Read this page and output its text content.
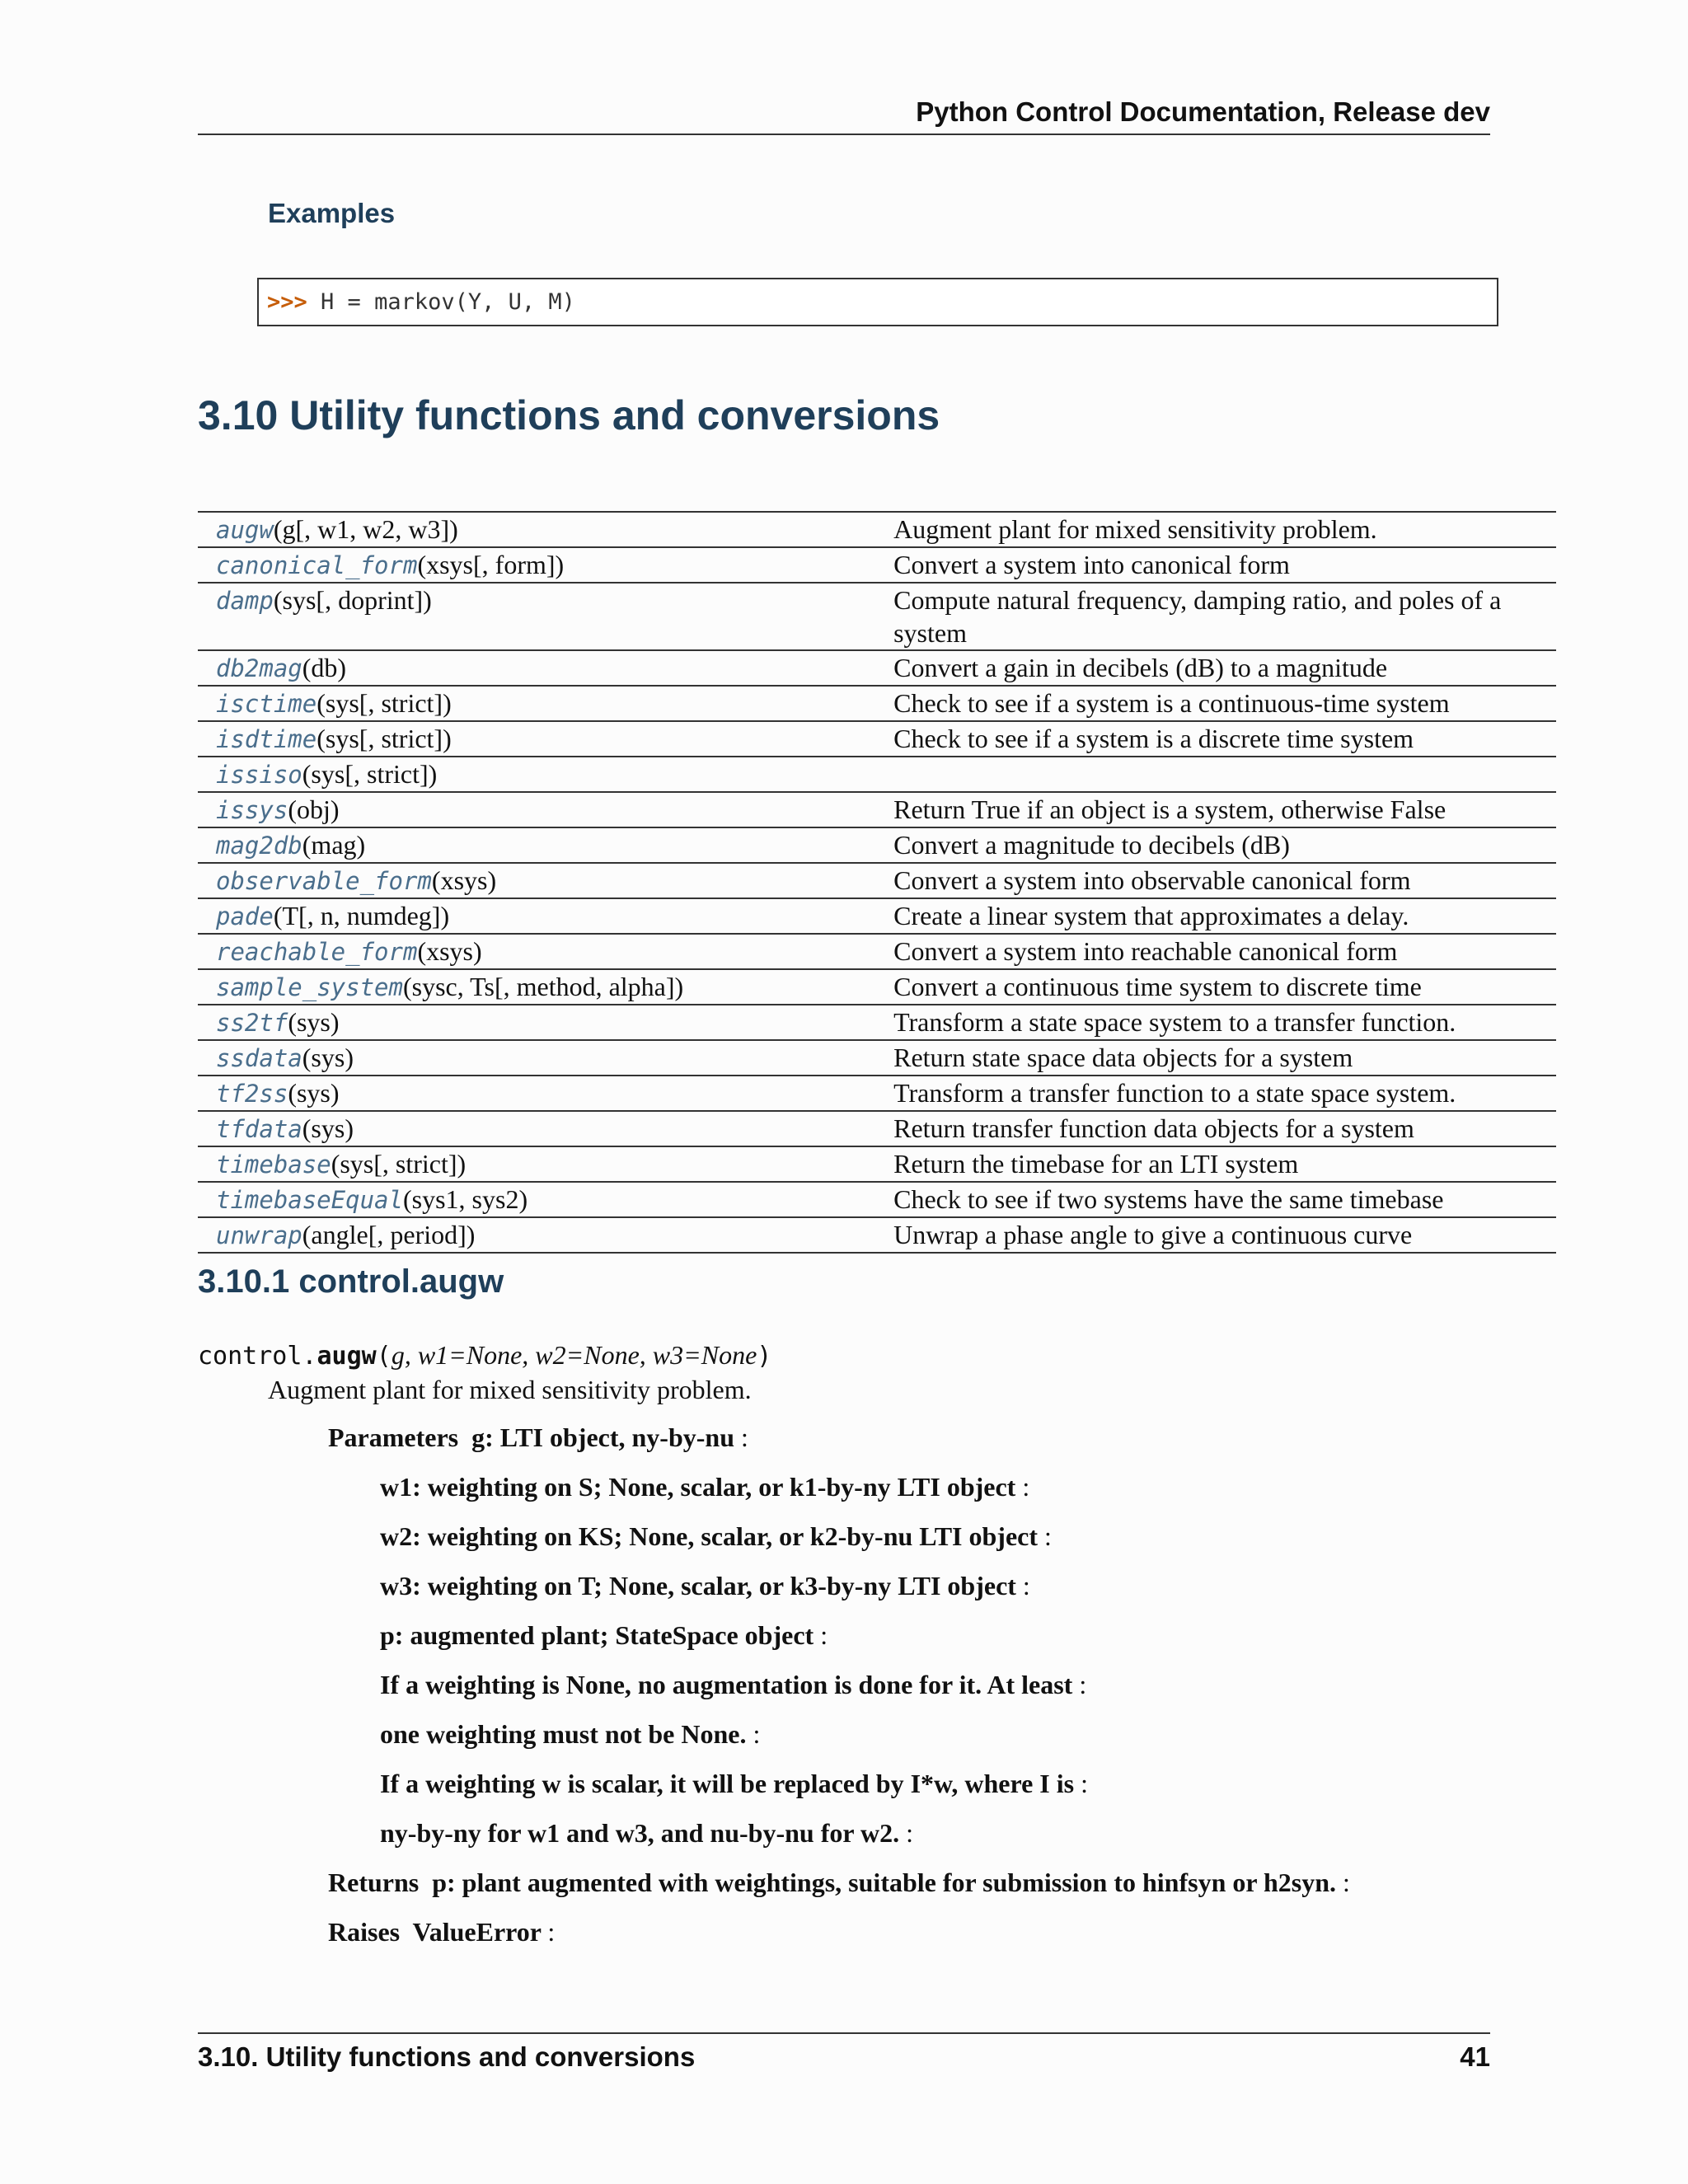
Python Control Documentation, Release dev
Examples
>>> H = markov(Y, U, M)
3.10 Utility functions and conversions
augw(g[, w1, w2, w3])	Augment plant for mixed sensitivity problem.
canonical_form(xsys[, form])	Convert a system into canonical form
damp(sys[, doprint])	Compute natural frequency, damping ratio, and poles of a system
db2mag(db)	Convert a gain in decibels (dB) to a magnitude
isctime(sys[, strict])	Check to see if a system is a continuous-time system
isdtime(sys[, strict])	Check to see if a system is a discrete time system
issiso(sys[, strict])	
issys(obj)	Return True if an object is a system, otherwise False
mag2db(mag)	Convert a magnitude to decibels (dB)
observable_form(xsys)	Convert a system into observable canonical form
pade(T[, n, numdeg])	Create a linear system that approximates a delay.
reachable_form(xsys)	Convert a system into reachable canonical form
sample_system(sysc, Ts[, method, alpha])	Convert a continuous time system to discrete time
ss2tf(sys)	Transform a state space system to a transfer function.
ssdata(sys)	Return state space data objects for a system
tf2ss(sys)	Transform a transfer function to a state space system.
tfdata(sys)	Return transfer function data objects for a system
timebase(sys[, strict])	Return the timebase for an LTI system
timebaseEqual(sys1, sys2)	Check to see if two systems have the same timebase
unwrap(angle[, period])	Unwrap a phase angle to give a continuous curve
3.10.1 control.augw
control.augw(g, w1=None, w2=None, w3=None)
Augment plant for mixed sensitivity problem.
Parameters g: LTI object, ny-by-nu :
w1: weighting on S; None, scalar, or k1-by-ny LTI object :
w2: weighting on KS; None, scalar, or k2-by-nu LTI object :
w3: weighting on T; None, scalar, or k3-by-ny LTI object :
p: augmented plant; StateSpace object :
If a weighting is None, no augmentation is done for it. At least :
one weighting must not be None. :
If a weighting w is scalar, it will be replaced by I*w, where I is :
ny-by-ny for w1 and w3, and nu-by-nu for w2. :
Returns p: plant augmented with weightings, suitable for submission to hinfsyn or h2syn. :
Raises ValueError :
3.10. Utility functions and conversions	41
